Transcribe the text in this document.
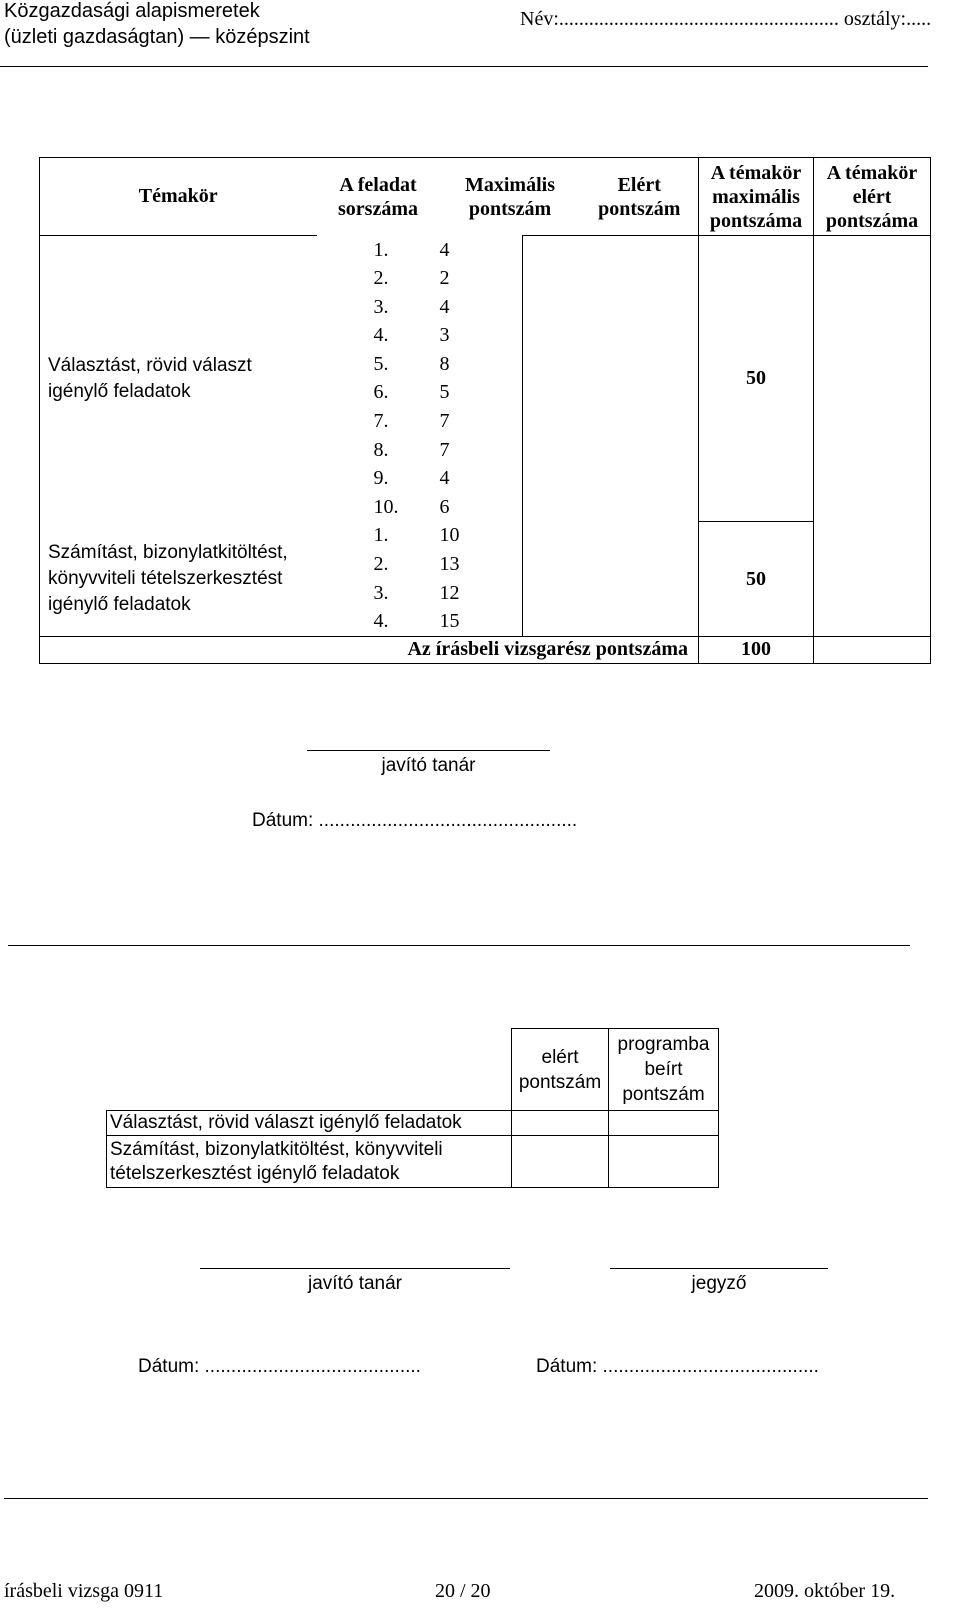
Közgazdasági alapismeretek
(üzleti gazdaságtan) — középszint
Név:........................................................ osztály:.....
Témakör	A feladat sorszáma		Maximális pontszám		Elért pontszám	A témakör maximális pontszáma	A témakör elért pontszáma
Választást, rövid választ igénylő feladatok		1.	4			50	
		2.	2				
		3.	4				
		4.	3				
		5.	8				
		6.	5				
		7.	7				
		8.	7				
		9.	4				
		10.	6				
Számítást, bizonylatkitöltést, könyvviteli tételszerkesztést igénylő feladatok		1.	10			50	
		2.	13				
		3.	12				
		4.	15				
Az írásbeli vizsgarész pontszáma						100	
javító tanár
Dátum: .................................................
	elért pontszám	programba beírt pontszám
Választást, rövid választ igénylő feladatok		
Számítást, bizonylatkitöltést, könyvviteli tételszerkesztést igénylő feladatok		
javító tanár	jegyző
Dátum: .........................................	Dátum: .........................................
írásbeli vizsga 0911	20 / 20	2009. október 19.
